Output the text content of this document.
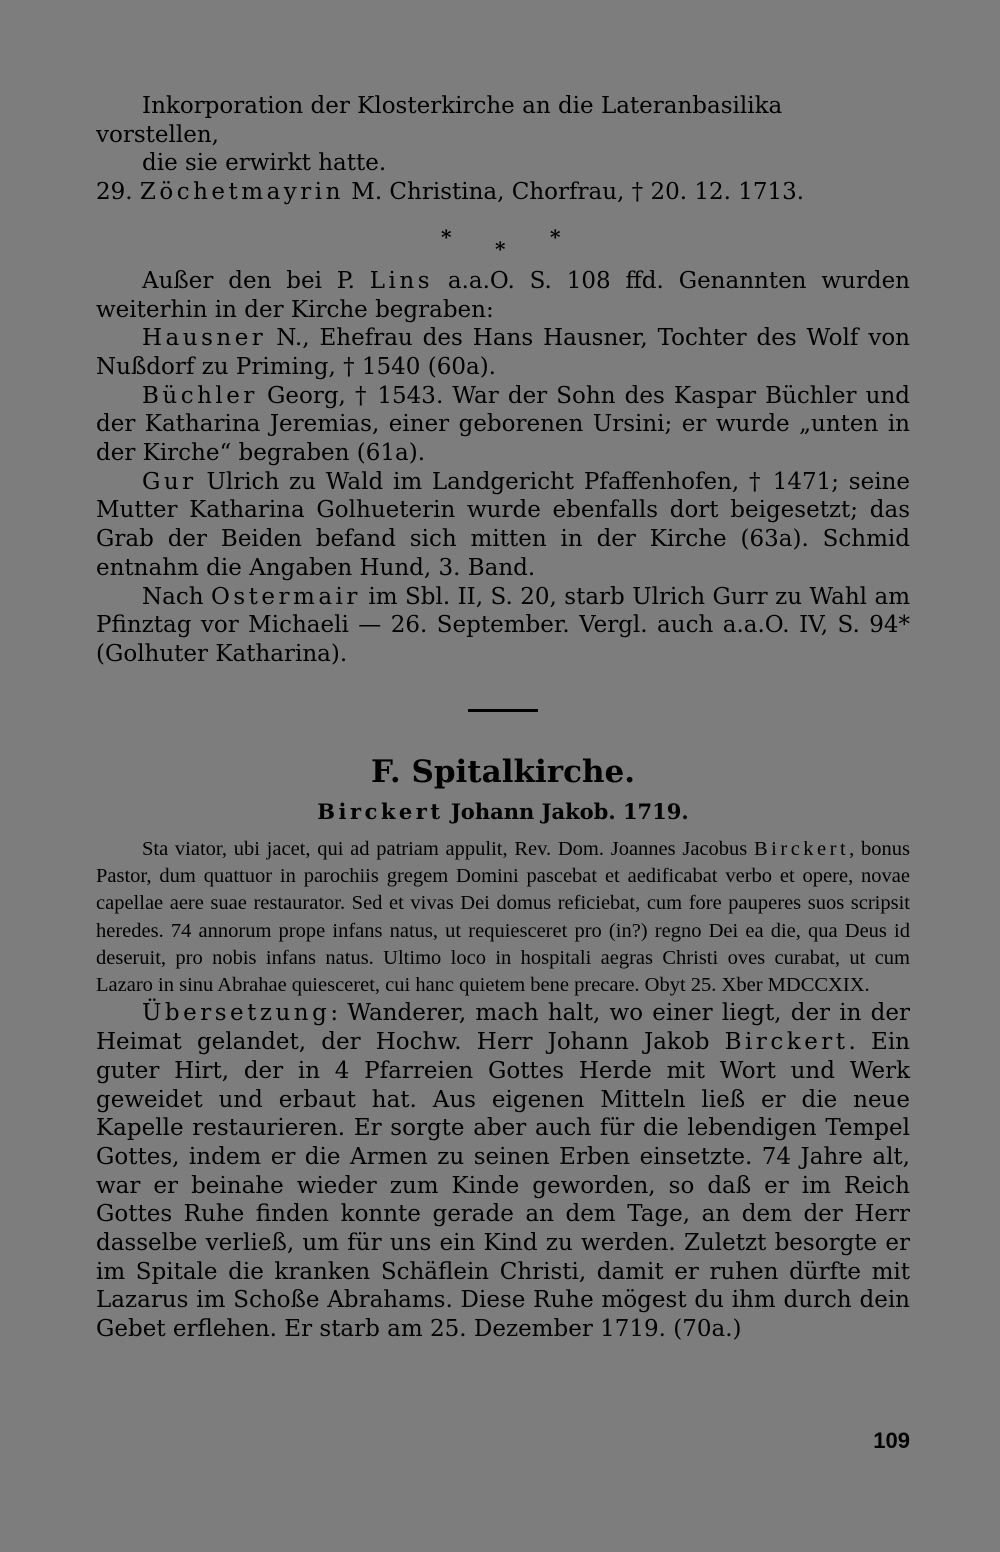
Inkorporation der Klosterkirche an die Lateranbasilika vorstellen,
die sie erwirkt hatte.

29. Zöchetmayrin M. Christina, Chorfrau, † 20. 12. 1713.

* * *

Außer den bei P. Lins a.a.O. S. 108 ffd. Genannten wurden weiterhin in der Kirche begraben:

Hausner N., Ehefrau des Hans Hausner, Tochter des Wolf von Nußdorf zu Priming, † 1540 (60a).

Büchler Georg, † 1543. War der Sohn des Kaspar Büchler und der Katharina Jeremias, einer geborenen Ursini; er wurde „unten in der Kirche“ begraben (61a).

Gur Ulrich zu Wald im Landgericht Pfaffenhofen, † 1471; seine Mutter Katharina Golhueterin wurde ebenfalls dort beigesetzt; das Grab der Beiden befand sich mitten in der Kirche (63a). Schmid entnahm die Angaben Hund, 3. Band.

Nach Ostermair im Sbl. II, S. 20, starb Ulrich Gurr zu Wahl am Pfinztag vor Michaeli — 26. September. Vergl. auch a.a.O. IV, S. 94* (Golhuter Katharina).

F. Spitalkirche.
Birckert Johann Jakob. 1719.

Sta viator, ubi jacet, qui ad patriam appulit, Rev. Dom. Joannes Jacobus Birckert, bonus Pastor, dum quattuor in parochiis gregem Domini pascebat et aedificabat verbo et opere, novae capellae aere suae restaurator. Sed et vivas Dei domus reficiebat, cum fore pauperes suos scripsit heredes. 74 annorum prope infans natus, ut requiesceret pro (in?) regno Dei ea die, qua Deus id deseruit, pro nobis infans natus. Ultimo loco in hospitali aegras Christi oves curabat, ut cum Lazaro in sinu Abrahae quiesceret, cui hanc quietem bene precare. Obyt 25. Xber MDCCXIX.

Übersetzung: Wanderer, mach halt, wo einer liegt, der in der Heimat gelandet, der Hochw. Herr Johann Jakob Birckert. Ein guter Hirt, der in 4 Pfarreien Gottes Herde mit Wort und Werk geweidet und erbaut hat. Aus eigenen Mitteln ließ er die neue Kapelle restaurieren. Er sorgte aber auch für die lebendigen Tempel Gottes, indem er die Armen zu seinen Erben einsetzte. 74 Jahre alt, war er beinahe wieder zum Kinde geworden, so daß er im Reich Gottes Ruhe finden konnte gerade an dem Tage, an dem der Herr dasselbe verließ, um für uns ein Kind zu werden. Zuletzt besorgte er im Spitale die kranken Schäflein Christi, damit er ruhen dürfte mit Lazarus im Schoße Abrahams. Diese Ruhe mögest du ihm durch dein Gebet erflehen. Er starb am 25. Dezember 1719. (70a.)

109
